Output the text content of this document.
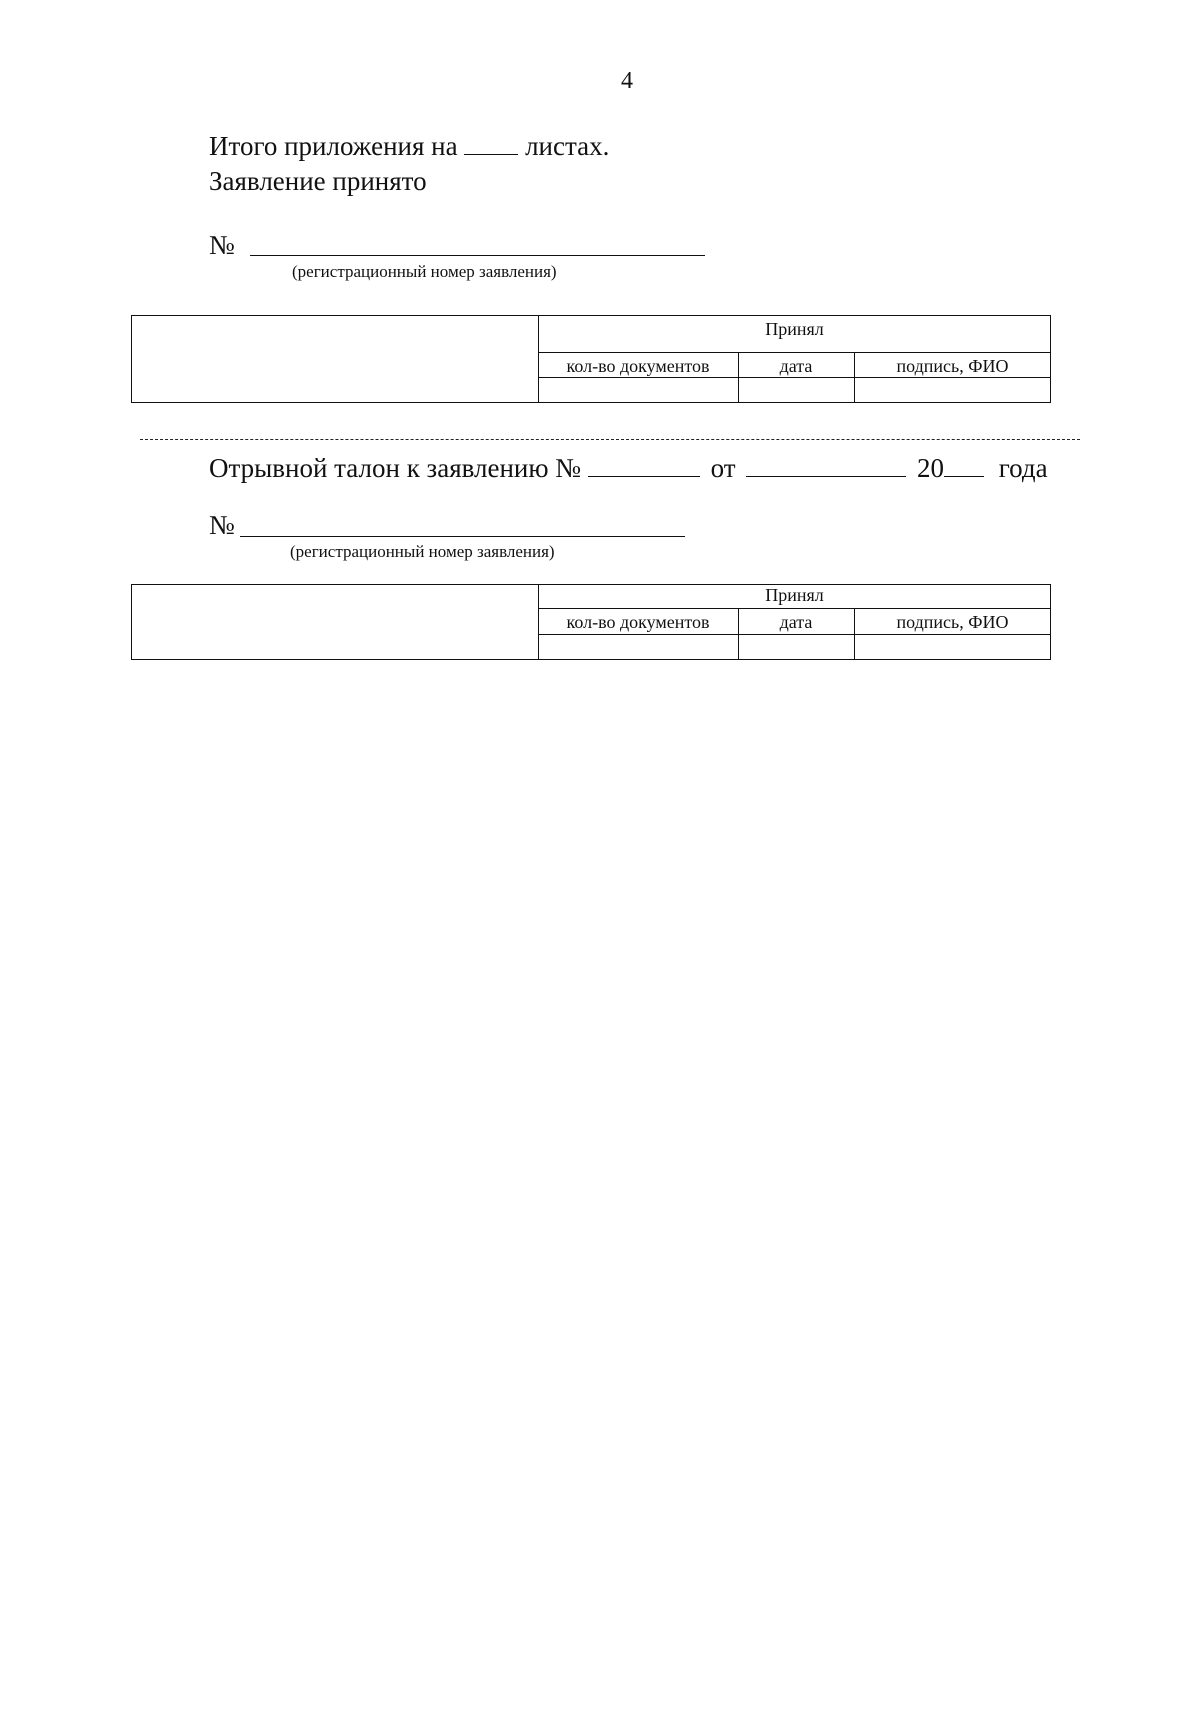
4
Итого приложения на	листах.
Заявление принято
№
(регистрационный номер заявления)
Принял
кол-во документов	дата	подпись, ФИО
Отрывной талон к заявлению №	от	20 года
№
(регистрационный номер заявления)
Принял
кол-во документов	дата	подпись, ФИО
